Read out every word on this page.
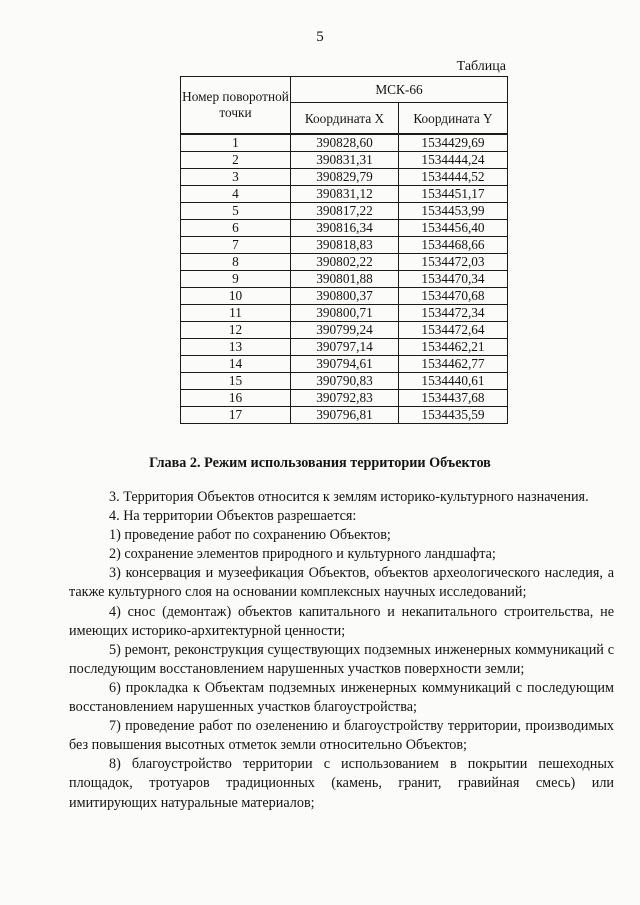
5
Таблица
Номер поворотной точки	МСК-66	
	Координата X	Координата Y
1	390828,60	1534429,69
2	390831,31	1534444,24
3	390829,79	1534444,52
4	390831,12	1534451,17
5	390817,22	1534453,99
6	390816,34	1534456,40
7	390818,83	1534468,66
8	390802,22	1534472,03
9	390801,88	1534470,34
10	390800,37	1534470,68
11	390800,71	1534472,34
12	390799,24	1534472,64
13	390797,14	1534462,21
14	390794,61	1534462,77
15	390790,83	1534440,61
16	390792,83	1534437,68
17	390796,81	1534435,59
Глава 2. Режим использования территории Объектов

3. Территория Объектов относится к землям историко-культурного назначения.

4. На территории Объектов разрешается:

1) проведение работ по сохранению Объектов;

2) сохранение элементов природного и культурного ландшафта;

3) консервация и музеефикация Объектов, объектов археологического наследия, а также культурного слоя на основании комплексных научных исследований;

4) снос (демонтаж) объектов капитального и некапитального строительства, не имеющих историко-архитектурной ценности;

5) ремонт, реконструкция существующих подземных инженерных коммуникаций с последующим восстановлением нарушенных участков поверхности земли;

6) прокладка к Объектам подземных инженерных коммуникаций с последующим восстановлением нарушенных участков благоустройства;

7) проведение работ по озеленению и благоустройству территории, производимых без повышения высотных отметок земли относительно Объектов;

8) благоустройство территории с использованием в покрытии пешеходных площадок, тротуаров традиционных (камень, гранит, гравийная смесь) или имитирующих натуральные материалов;
